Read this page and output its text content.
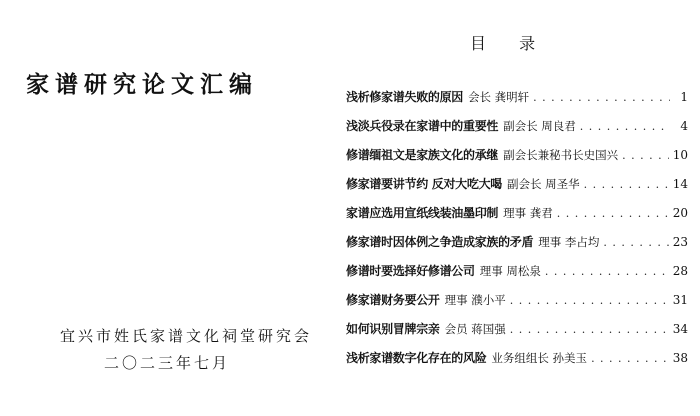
家谱研究论文汇编
宜兴市姓氏家谱文化祠堂研究会
二〇二三年七月
目 录
浅析修家谱失败的原因 会长 龚明轩 . . .	1
浅淡兵役录在家谱中的重要性 副会长 周良君 . . .	4
修谱缅祖文是家族文化的承继 副会长兼秘书长史国兴 . . .	10
修家谱要讲节约 反对大吃大喝 副会长 周圣华 . . .	14
家谱应选用宣纸线装油墨印制 理事 龚君 . . .	20
修家谱时因体例之争造成家族的矛盾 理事 李占均 . . .	23
修谱时要选择好修谱公司 理事 周松泉 . . .	28
修家谱财务要公开 理事 濮小平 . . .	31
如何识别冒牌宗亲 会员 蒋国强 . . .	34
浅析家谱数字化存在的风险 业务组组长 孙美玉 . . .	38
